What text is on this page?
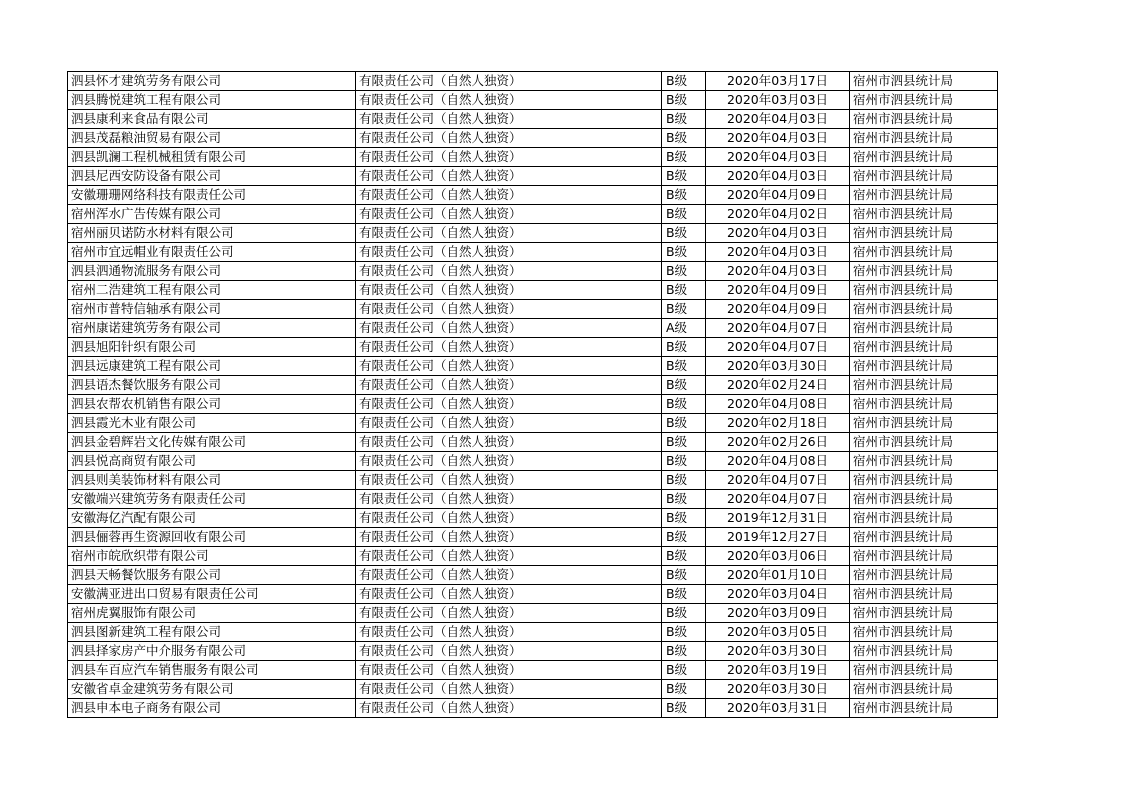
泗县怀才建筑劳务有限公司	有限责任公司（自然人独资）	B级	2020年03月17日	宿州市泗县统计局
泗县腾悦建筑工程有限公司	有限责任公司（自然人独资）	B级	2020年03月03日	宿州市泗县统计局
泗县康利来食品有限公司	有限责任公司（自然人独资）	B级	2020年04月03日	宿州市泗县统计局
泗县茂磊粮油贸易有限公司	有限责任公司（自然人独资）	B级	2020年04月03日	宿州市泗县统计局
泗县凯澜工程机械租赁有限公司	有限责任公司（自然人独资）	B级	2020年04月03日	宿州市泗县统计局
泗县尼西安防设备有限公司	有限责任公司（自然人独资）	B级	2020年04月03日	宿州市泗县统计局
安徽珊珊网络科技有限责任公司	有限责任公司（自然人独资）	B级	2020年04月09日	宿州市泗县统计局
宿州浑水广告传媒有限公司	有限责任公司（自然人独资）	B级	2020年04月02日	宿州市泗县统计局
宿州丽贝诺防水材料有限公司	有限责任公司（自然人独资）	B级	2020年04月03日	宿州市泗县统计局
宿州市宜远帽业有限责任公司	有限责任公司（自然人独资）	B级	2020年04月03日	宿州市泗县统计局
泗县泗通物流服务有限公司	有限责任公司（自然人独资）	B级	2020年04月03日	宿州市泗县统计局
宿州二浩建筑工程有限公司	有限责任公司（自然人独资）	B级	2020年04月09日	宿州市泗县统计局
宿州市普特信轴承有限公司	有限责任公司（自然人独资）	B级	2020年04月09日	宿州市泗县统计局
宿州康诺建筑劳务有限公司	有限责任公司（自然人独资）	A级	2020年04月07日	宿州市泗县统计局
泗县旭阳针织有限公司	有限责任公司（自然人独资）	B级	2020年04月07日	宿州市泗县统计局
泗县远康建筑工程有限公司	有限责任公司（自然人独资）	B级	2020年03月30日	宿州市泗县统计局
泗县语杰餐饮服务有限公司	有限责任公司（自然人独资）	B级	2020年02月24日	宿州市泗县统计局
泗县农帮农机销售有限公司	有限责任公司（自然人独资）	B级	2020年04月08日	宿州市泗县统计局
泗县霞光木业有限公司	有限责任公司（自然人独资）	B级	2020年02月18日	宿州市泗县统计局
泗县金碧辉岩文化传媒有限公司	有限责任公司（自然人独资）	B级	2020年02月26日	宿州市泗县统计局
泗县悦高商贸有限公司	有限责任公司（自然人独资）	B级	2020年04月08日	宿州市泗县统计局
泗县则美装饰材料有限公司	有限责任公司（自然人独资）	B级	2020年04月07日	宿州市泗县统计局
安徽端兴建筑劳务有限责任公司	有限责任公司（自然人独资）	B级	2020年04月07日	宿州市泗县统计局
安徽海亿汽配有限公司	有限责任公司（自然人独资）	B级	2019年12月31日	宿州市泗县统计局
泗县俪蓉再生资源回收有限公司	有限责任公司（自然人独资）	B级	2019年12月27日	宿州市泗县统计局
宿州市皖欣织带有限公司	有限责任公司（自然人独资）	B级	2020年03月06日	宿州市泗县统计局
泗县天畅餐饮服务有限公司	有限责任公司（自然人独资）	B级	2020年01月10日	宿州市泗县统计局
安徽满亚进出口贸易有限责任公司	有限责任公司（自然人独资）	B级	2020年03月04日	宿州市泗县统计局
宿州虎翼服饰有限公司	有限责任公司（自然人独资）	B级	2020年03月09日	宿州市泗县统计局
泗县图新建筑工程有限公司	有限责任公司（自然人独资）	B级	2020年03月05日	宿州市泗县统计局
泗县择家房产中介服务有限公司	有限责任公司（自然人独资）	B级	2020年03月30日	宿州市泗县统计局
泗县车百应汽车销售服务有限公司	有限责任公司（自然人独资）	B级	2020年03月19日	宿州市泗县统计局
安徽省卓金建筑劳务有限公司	有限责任公司（自然人独资）	B级	2020年03月30日	宿州市泗县统计局
泗县申本电子商务有限公司	有限责任公司（自然人独资）	B级	2020年03月31日	宿州市泗县统计局
